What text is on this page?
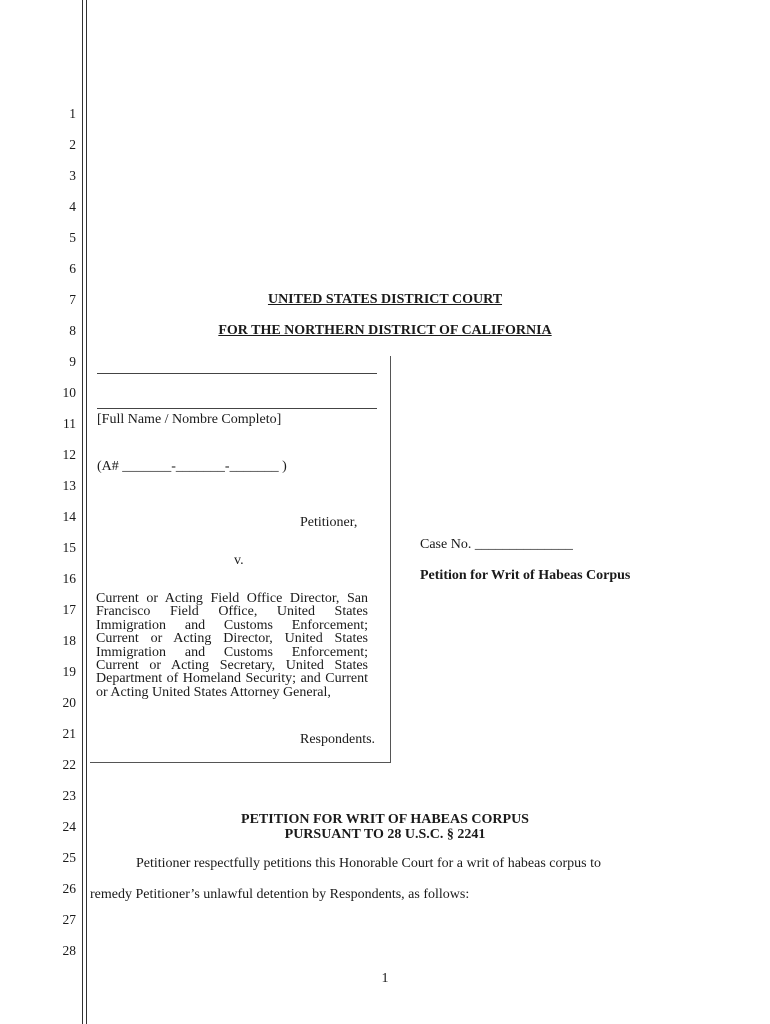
1
2
3
4
5
6
7
8
9
10
11
12
13
14
15
16
17
18
19
20
21
22
23
24
25
26
27
28
UNITED STATES DISTRICT COURT
FOR THE NORTHERN DISTRICT OF CALIFORNIA
[Full Name / Nombre Completo]
(A# _______-_______-_______ )
Petitioner,
v.
Current or Acting Field Office Director, San Francisco Field Office, United States Immigration and Customs Enforcement; Current or Acting Director, United States Immigration and Customs Enforcement; Current or Acting Secretary, United States Department of Homeland Security; and Current or Acting United States Attorney General,
Respondents.
Case No. ______________
Petition for Writ of Habeas Corpus
PETITION FOR WRIT OF HABEAS CORPUS
PURSUANT TO 28 U.S.C. § 2241
Petitioner respectfully petitions this Honorable Court for a writ of habeas corpus to
remedy Petitioner’s unlawful detention by Respondents, as follows:
1
